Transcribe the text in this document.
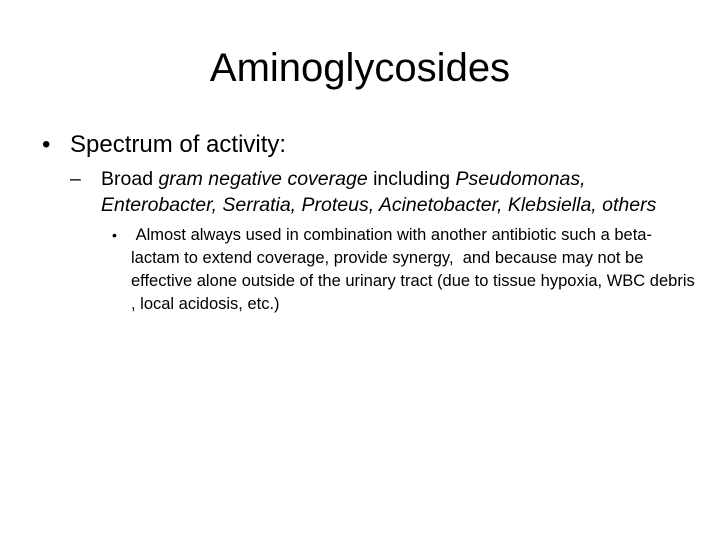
Aminoglycosides
• Spectrum of activity:
– Broad gram negative coverage including Pseudomonas, Enterobacter, Serratia, Proteus, Acinetobacter, Klebsiella, others
• Almost always used in combination with another antibiotic such a beta-lactam to extend coverage, provide synergy,  and because may not be effective alone outside of the urinary tract (due to tissue hypoxia, WBC debris , local acidosis, etc.)
